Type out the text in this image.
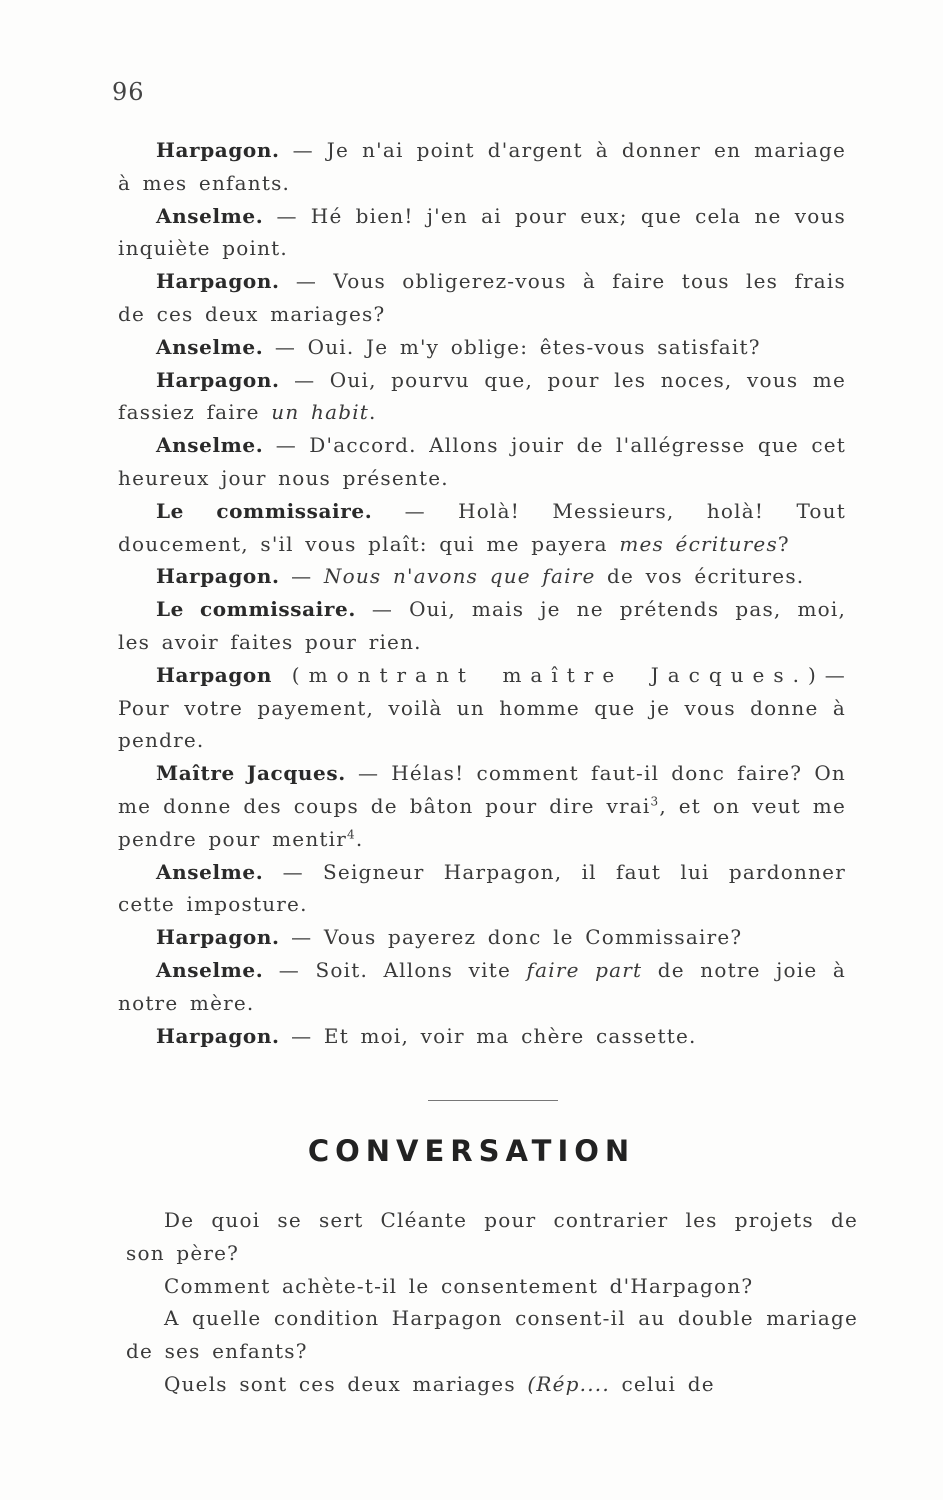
96

Harpagon. — Je n'ai point d'argent à donner en mariage à mes enfants.

Anselme. — Hé bien! j'en ai pour eux; que cela ne vous inquiète point.

Harpagon. — Vous obligerez-vous à faire tous les frais de ces deux mariages?

Anselme. — Oui. Je m'y oblige: êtes-vous satisfait?

Harpagon. — Oui, pourvu que, pour les noces, vous me fassiez faire un habit.

Anselme. — D'accord. Allons jouir de l'allégresse que cet heureux jour nous présente.

Le commissaire. — Holà! Messieurs, holà! Tout doucement, s'il vous plaît: qui me payera mes écritures?

Harpagon. — Nous n'avons que faire de vos écritures.

Le commissaire. — Oui, mais je ne prétends pas, moi, les avoir faites pour rien.

Harpagon (montrant maître Jacques.)— Pour votre payement, voilà un homme que je vous donne à pendre.

Maître Jacques. — Hélas! comment faut-il donc faire? On me donne des coups de bâton pour dire vrai$^3$, et on veut me pendre pour mentir$^4$.

Anselme. — Seigneur Harpagon, il faut lui pardonner cette imposture.

Harpagon. — Vous payerez donc le Commissaire?

Anselme. — Soit. Allons vite faire part de notre joie à notre mère.

Harpagon. — Et moi, voir ma chère cassette.

CONVERSATION

De quoi se sert Cléante pour contrarier les projets de son père?

Comment achète-t-il le consentement d'Harpagon?

A quelle condition Harpagon consent-il au double mariage de ses enfants?

Quels sont ces deux mariages (Rép.... celui de
